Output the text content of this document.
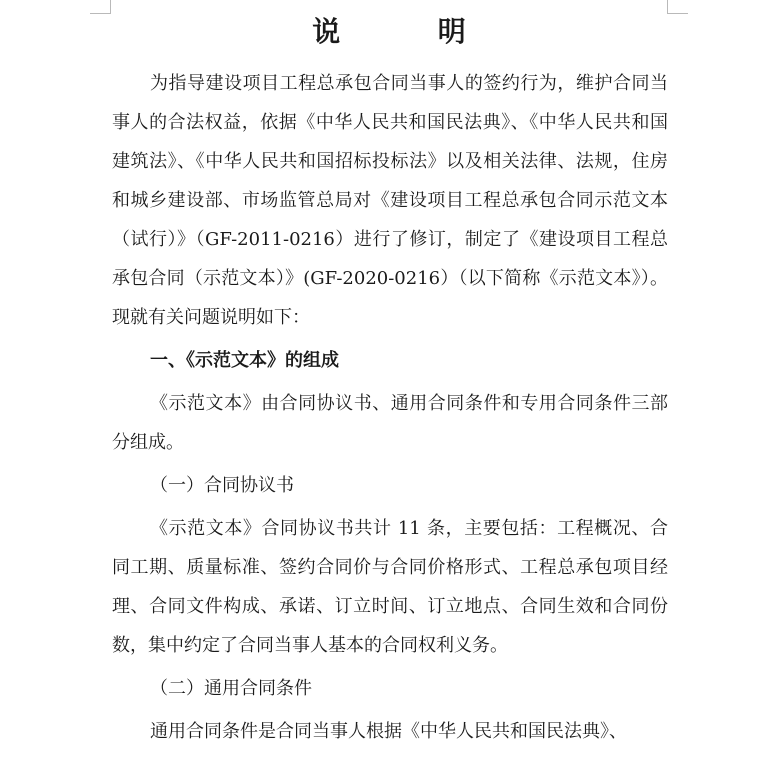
说  明

为指导建设项目工程总承包合同当事人的签约行为，维护合同当事人的合法权益，依据《中华人民共和国民法典》、《中华人民共和国建筑法》、《中华人民共和国招标投标法》以及相关法律、法规，住房和城乡建设部、市场监管总局对《建设项目工程总承包合同示范文本（试行）》（GF-2011-0216）进行了修订，制定了《建设项目工程总承包合同（示范文本）》(GF-2020-0216）（以下简称《示范文本》）。现就有关问题说明如下：

一、《示范文本》的组成

《示范文本》由合同协议书、通用合同条件和专用合同条件三部分组成。

（一）合同协议书

《示范文本》合同协议书共计 11 条，主要包括：工程概况、合同工期、质量标准、签约合同价与合同价格形式、工程总承包项目经理、合同文件构成、承诺、订立时间、订立地点、合同生效和合同份数，集中约定了合同当事人基本的合同权利义务。

（二）通用合同条件

通用合同条件是合同当事人根据《中华人民共和国民法典》、
